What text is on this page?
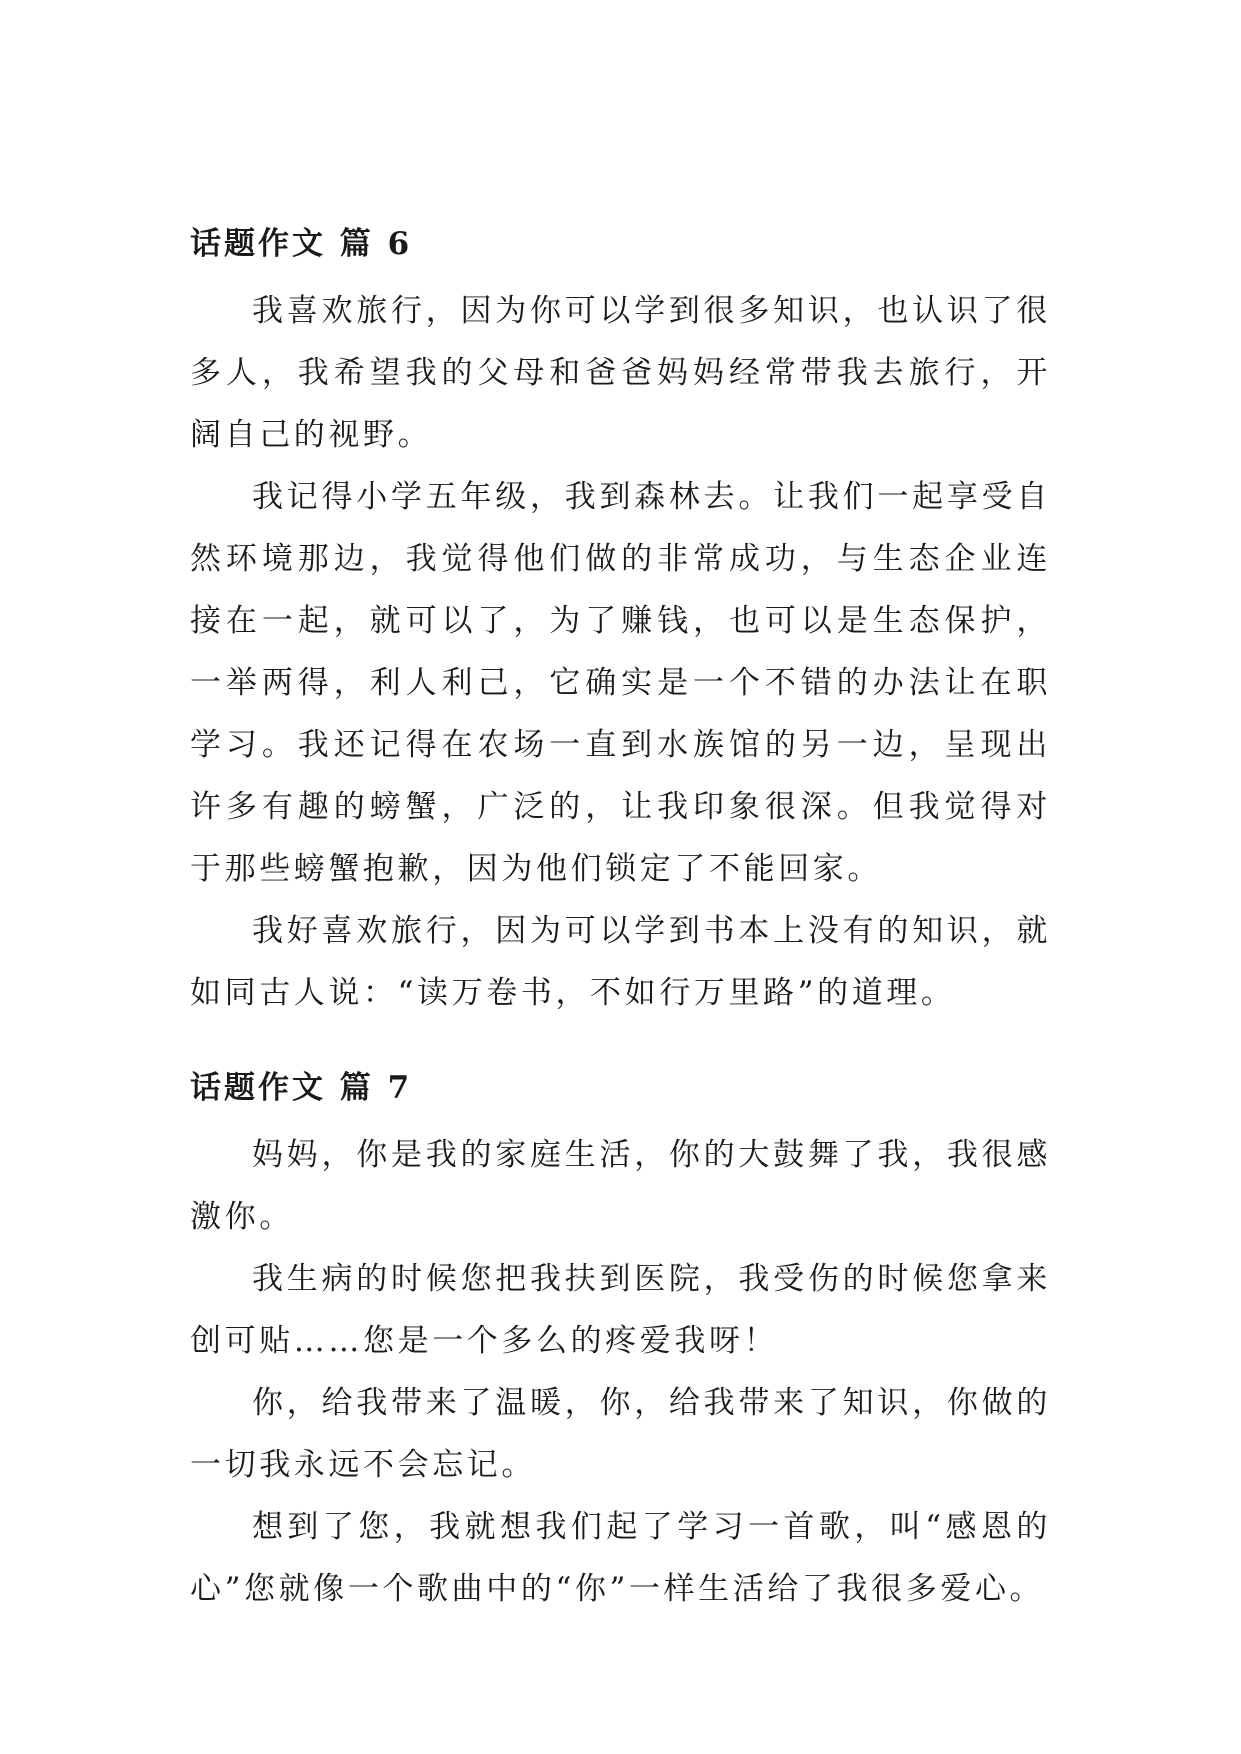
话题作文 篇 6

我喜欢旅行，因为你可以学到很多知识，也认识了很多人，我希望我的父母和爸爸妈妈经常带我去旅行，开阔自己的视野。

我记得小学五年级，我到森林去。让我们一起享受自然环境那边，我觉得他们做的非常成功，与生态企业连接在一起，就可以了，为了赚钱，也可以是生态保护，一举两得，利人利己，它确实是一个不错的办法让在职学习。我还记得在农场一直到水族馆的另一边，呈现出许多有趣的螃蟹，广泛的，让我印象很深。但我觉得对于那些螃蟹抱歉，因为他们锁定了不能回家。

我好喜欢旅行，因为可以学到书本上没有的知识，就如同古人说：“读万卷书，不如行万里路”的道理。

话题作文 篇 7

妈妈，你是我的家庭生活，你的大鼓舞了我，我很感激你。

我生病的时候您把我扶到医院，我受伤的时候您拿来创可贴……您是一个多么的疼爱我呀！

你，给我带来了温暖，你，给我带来了知识，你做的一切我永远不会忘记。

想到了您，我就想我们起了学习一首歌，叫“感恩的心”您就像一个歌曲中的“你”一样生活给了我很多爱心。
